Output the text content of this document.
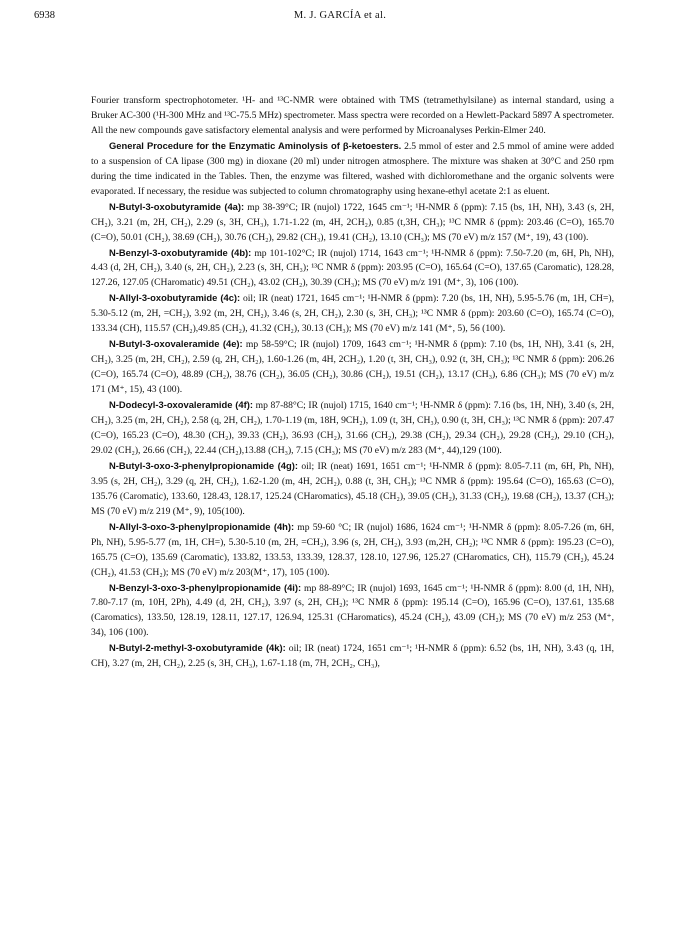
6938	M. J. GARCÍA et al.

Fourier transform spectrophotometer. ¹H- and ¹³C-NMR were obtained with TMS (tetramethylsilane) as internal standard, using a Bruker AC-300 (¹H-300 MHz and ¹³C-75.5 MHz) spectrometer. Mass spectra were recorded on a Hewlett-Packard 5897 A spectrometer. All the new compounds gave satisfactory elemental analysis and were performed by Microanalyses Perkin-Elmer 240.

General Procedure for the Enzymatic Aminolysis of β-ketoesters. 2.5 mmol of ester and 2.5 mmol of amine were added to a suspension of CA lipase (300 mg) in dioxane (20 ml) under nitrogen atmosphere. The mixture was shaken at 30°C and 250 rpm during the time indicated in the Tables. Then, the enzyme was filtered, washed with dichloromethane and the organic solvents were evaporated. If necessary, the residue was subjected to column chromatography using hexane-ethyl acetate 2:1 as eluent.

N-Butyl-3-oxobutyramide (4a): mp 38-39°C; IR (nujol) 1722, 1645 cm⁻¹; ¹H-NMR δ (ppm): 7.15 (bs, 1H, NH), 3.43 (s, 2H, CH₂), 3.21 (m, 2H, CH₂), 2.29 (s, 3H, CH₃), 1.71-1.22 (m, 4H, 2CH₂), 0.85 (t,3H, CH₃); ¹³C NMR δ (ppm): 203.46 (C=O), 165.70 (C=O), 50.01 (CH₂), 38.69 (CH₂), 30.76 (CH₂), 29.82 (CH₃), 19.41 (CH₂), 13.10 (CH₃); MS (70 eV) m/z 157 (M⁺, 19), 43 (100).

N-Benzyl-3-oxobutyramide (4b): mp 101-102°C; IR (nujol) 1714, 1643 cm⁻¹; ¹H-NMR δ (ppm): 7.50-7.20 (m, 6H, Ph, NH), 4.43 (d, 2H, CH₂), 3.40 (s, 2H, CH₂), 2.23 (s, 3H, CH₃); ¹³C NMR δ (ppm): 203.95 (C=O), 165.64 (C=O), 137.65 (Caromatic), 128.28, 127.26, 127.05 (CHaromatic) 49.51 (CH₂), 43.02 (CH₂), 30.39 (CH₃); MS (70 eV) m/z 191 (M⁺, 3), 106 (100).

N-Allyl-3-oxobutyramide (4c): oil; IR (neat) 1721, 1645 cm⁻¹; ¹H-NMR δ (ppm): 7.20 (bs, 1H, NH), 5.95-5.76 (m, 1H, CH=), 5.30-5.12 (m, 2H, =CH₂), 3.92 (m, 2H, CH₂), 3.46 (s, 2H, CH₂), 2.30 (s, 3H, CH₃); ¹³C NMR δ (ppm): 203.60 (C=O), 165.74 (C=O), 133.34 (CH), 115.57 (CH₂),49.85 (CH₂), 41.32 (CH₂), 30.13 (CH₃); MS (70 eV) m/z 141 (M⁺, 5), 56 (100).

N-Butyl-3-oxovaleramide (4e): mp 58-59°C; IR (nujol) 1709, 1643 cm⁻¹; ¹H-NMR δ (ppm): 7.10 (bs, 1H, NH), 3.41 (s, 2H, CH₂), 3.25 (m, 2H, CH₂), 2.59 (q, 2H, CH₂), 1.60-1.26 (m, 4H, 2CH₂), 1.20 (t, 3H, CH₃), 0.92 (t, 3H, CH₃); ¹³C NMR δ (ppm): 206.26 (C=O), 165.74 (C=O), 48.89 (CH₂), 38.76 (CH₂), 36.05 (CH₂), 30.86 (CH₂), 19.51 (CH₂), 13.17 (CH₃), 6.86 (CH₃); MS (70 eV) m/z 171 (M⁺, 15), 43 (100).

N-Dodecyl-3-oxovaleramide (4f): mp 87-88°C; IR (nujol) 1715, 1640 cm⁻¹; ¹H-NMR δ (ppm): 7.16 (bs, 1H, NH), 3.40 (s, 2H, CH₂), 3.25 (m, 2H, CH₂), 2.58 (q, 2H, CH₂), 1.70-1.19 (m, 18H, 9CH₂), 1.09 (t, 3H, CH₃), 0.90 (t, 3H, CH₃); ¹³C NMR δ (ppm): 207.47 (C=O), 165.23 (C=O), 48.30 (CH₂), 39.33 (CH₂), 36.93 (CH₂), 31.66 (CH₂), 29.38 (CH₂), 29.34 (CH₂), 29.28 (CH₂), 29.10 (CH₂), 29.02 (CH₂), 26.66 (CH₂), 22.44 (CH₂),13.88 (CH₃), 7.15 (CH₃); MS (70 eV) m/z 283 (M⁺, 44),129 (100).

N-Butyl-3-oxo-3-phenylpropionamide (4g): oil; IR (neat) 1691, 1651 cm⁻¹; ¹H-NMR δ (ppm): 8.05-7.11 (m, 6H, Ph, NH), 3.95 (s, 2H, CH₂), 3.29 (q, 2H, CH₂), 1.62-1.20 (m, 4H, 2CH₂), 0.88 (t, 3H, CH₃); ¹³C NMR δ (ppm): 195.64 (C=O), 165.63 (C=O), 135.76 (Caromatic), 133.60, 128.43, 128.17, 125.24 (CHaromatics), 45.18 (CH₂), 39.05 (CH₂), 31.33 (CH₂), 19.68 (CH₂), 13.37 (CH₃); MS (70 eV) m/z 219 (M⁺, 9), 105(100).

N-Allyl-3-oxo-3-phenylpropionamide (4h): mp 59-60 °C; IR (nujol) 1686, 1624 cm⁻¹; ¹H-NMR δ (ppm): 8.05-7.26 (m, 6H, Ph, NH), 5.95-5.77 (m, 1H, CH=), 5.30-5.10 (m, 2H, =CH₂), 3.96 (s, 2H, CH₂), 3.93 (m,2H, CH₂); ¹³C NMR δ (ppm): 195.23 (C=O), 165.75 (C=O), 135.69 (Caromatic), 133.82, 133.53, 133.39, 128.37, 128.10, 127.96, 125.27 (CHaromatics, CH), 115.79 (CH₂), 45.24 (CH₂), 41.53 (CH₂); MS (70 eV) m/z 203(M⁺, 17), 105 (100).

N-Benzyl-3-oxo-3-phenylpropionamide (4i): mp 88-89°C; IR (nujol) 1693, 1645 cm⁻¹; ¹H-NMR δ (ppm): 8.00 (d, 1H, NH), 7.80-7.17 (m, 10H, 2Ph), 4.49 (d, 2H, CH₂), 3.97 (s, 2H, CH₂); ¹³C NMR δ (ppm): 195.14 (C=O), 165.96 (C=O), 137.61, 135.68 (Caromatics), 133.50, 128.19, 128.11, 127.17, 126.94, 125.31 (CHaromatics), 45.24 (CH₂), 43.09 (CH₂); MS (70 eV) m/z 253 (M⁺, 34), 106 (100).

N-Butyl-2-methyl-3-oxobutyramide (4k): oil; IR (neat) 1724, 1651 cm⁻¹; ¹H-NMR δ (ppm): 6.52 (bs, 1H, NH), 3.43 (q, 1H, CH), 3.27 (m, 2H, CH₂), 2.25 (s, 3H, CH₃), 1.67-1.18 (m, 7H, 2CH₂, CH₃),
